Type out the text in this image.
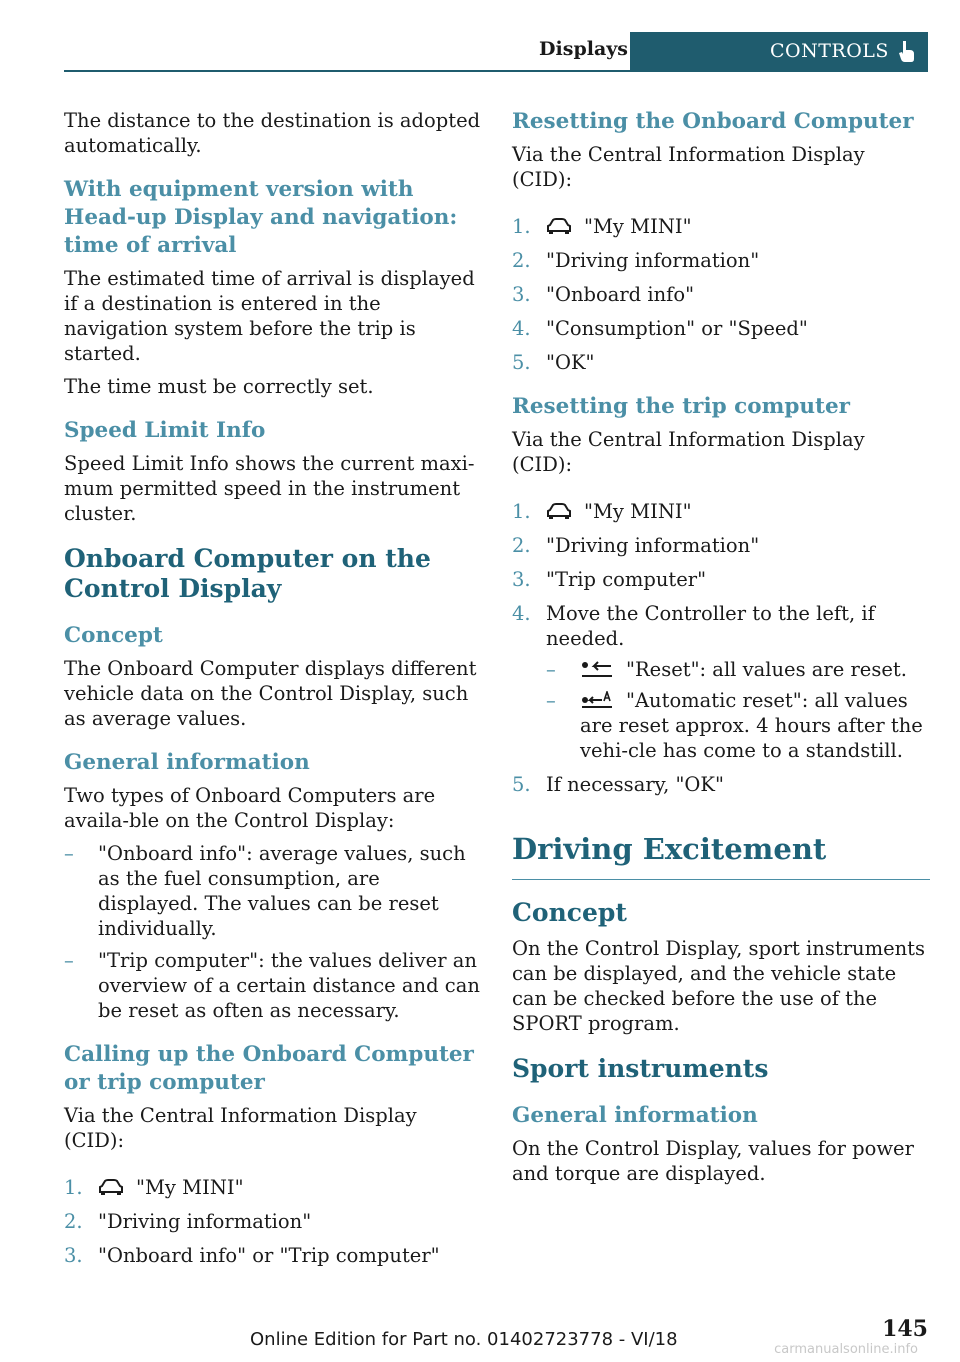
Displays	CONTROLS

The distance to the destination is adopted automatically.

With equipment version with Head-up Display and navigation: time of arrival

The estimated time of arrival is displayed if a destination is entered in the navigation system before the trip is started.

The time must be correctly set.

Speed Limit Info

Speed Limit Info shows the current maxi-mum permitted speed in the instrument cluster.

Onboard Computer on the Control Display
Concept

The Onboard Computer displays different vehicle data on the Control Display, such as average values.

General information

Two types of Onboard Computers are availa-ble on the Control Display:

– "Onboard info": average values, such as the fuel consumption, are displayed. The values can be reset individually.
– "Trip computer": the values deliver an overview of a certain distance and can be reset as often as necessary.
Calling up the Onboard Computer or trip computer

Via the Central Information Display (CID):

1.	"My MINI"
2. "Driving information"
3. "Onboard info" or "Trip computer"
Resetting the Onboard Computer

Via the Central Information Display (CID):

1.	"My MINI"
2. "Driving information"
3. "Onboard info"
4. "Consumption" or "Speed"
5. "OK"
Resetting the trip computer

Via the Central Information Display (CID):

1.	"My MINI"
2. "Driving information"
3. "Trip computer"
4. Move the Controller to the left, if needed.
–	"Reset": all values are reset.
–	"Automatic reset": all values are reset approx. 4 hours after the vehi-cle has come to a standstill.
5. If necessary, "OK"
Driving Excitement
Concept

On the Control Display, sport instruments can be displayed, and the vehicle state can be checked before the use of the SPORT program.

Sport instruments
General information

On the Control Display, values for power and torque are displayed.

Online Edition for Part no. 01402723778 - VI/18	145
carmanualsonline.info
